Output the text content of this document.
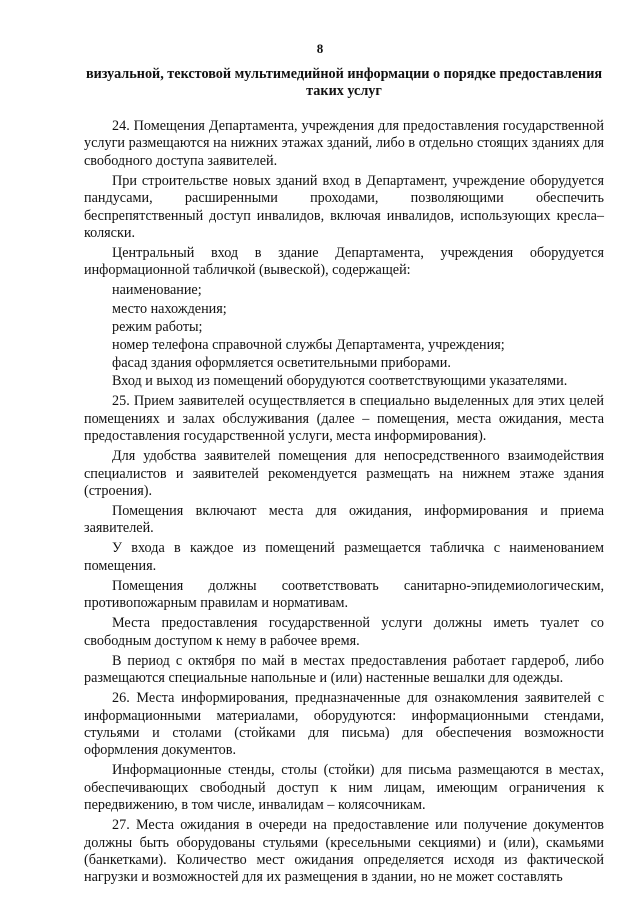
8
визуальной, текстовой мультимедийной информации о порядке предоставления таких услуг

24. Помещения Департамента, учреждения для предоставления государственной услуги размещаются на нижних этажах зданий, либо в отдельно стоящих зданиях для свободного доступа заявителей.

При строительстве новых зданий вход в Департамент, учреждение оборудуется пандусами, расширенными проходами, позволяющими обеспечить беспрепятственный доступ инвалидов, включая инвалидов, использующих кресла–коляски.

Центральный вход в здание Департамента, учреждения оборудуется информационной табличкой (вывеской), содержащей:

наименование;

место нахождения;

режим работы;

номер телефона справочной службы Департамента, учреждения;

фасад здания оформляется осветительными приборами.

Вход и выход из помещений оборудуются соответствующими указателями.

25. Прием заявителей осуществляется в специально выделенных для этих целей помещениях и залах обслуживания (далее – помещения, места ожидания, места предоставления государственной услуги, места информирования).

Для удобства заявителей помещения для непосредственного взаимодействия специалистов и заявителей рекомендуется размещать на нижнем этаже здания (строения).

Помещения включают места для ожидания, информирования и приема заявителей.

У входа в каждое из помещений размещается табличка с наименованием помещения.

Помещения должны соответствовать санитарно-эпидемиологическим, противопожарным правилам и нормативам.

Места предоставления государственной услуги должны иметь туалет со свободным доступом к нему в рабочее время.

В период с октября по май в местах предоставления работает гардероб, либо размещаются специальные напольные и (или) настенные вешалки для одежды.

26. Места информирования, предназначенные для ознакомления заявителей с информационными материалами, оборудуются: информационными стендами, стульями и столами (стойками для письма) для обеспечения возможности оформления документов.

Информационные стенды, столы (стойки) для письма размещаются в местах, обеспечивающих свободный доступ к ним лицам, имеющим ограничения к передвижению, в том числе, инвалидам – колясочникам.

27. Места ожидания в очереди на предоставление или получение документов должны быть оборудованы стульями (кресельными секциями) и (или), скамьями (банкетками). Количество мест ожидания определяется исходя из фактической нагрузки и возможностей для их размещения в здании, но не может составлять
